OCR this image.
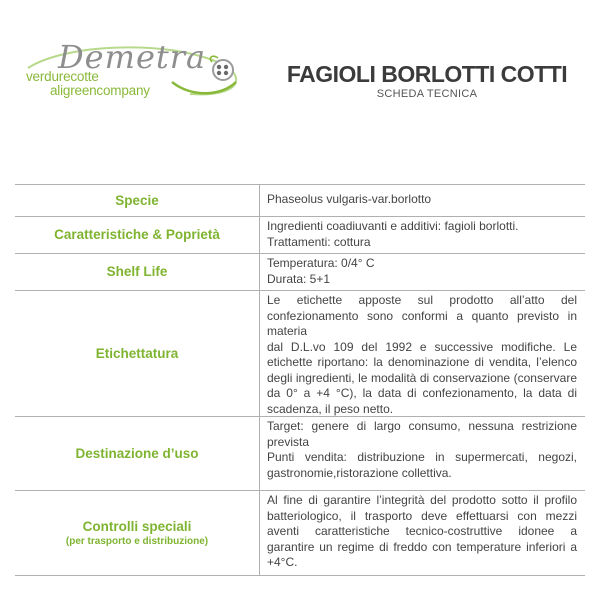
Demetra
verdurecotte
aligreencompany
FAGIOLI BORLOTTI COTTI
SCHEDA TECNICA
Specie	Phaseolus vulgaris-var.borlotto

Caratteristiche & Poprietà

Ingredienti coadiuvanti e additivi: fagioli borlotti.

Trattamenti: cottura

Shelf Life

Temperatura: 0/4° C

Durata: 5+1

Etichettatura

Le etichette apposte sul prodotto all’atto del confezionamento sono conformi a quanto previsto in materia

dal D.L.vo 109 del 1992 e successive modifiche. Le etichette riportano: la denominazione di vendita, l’elenco degli ingredienti, le modalità di conservazione (conservare da 0° a +4 °C), la data di confezionamento, la data di scadenza, il peso netto.

Destinazione d’uso

Target: genere di largo consumo, nessuna restrizione prevista

Punti vendita: distribuzione in supermercati, negozi, gastronomie,ristorazione collettiva.

Controlli speciali
(per trasporto e distribuzione)

Al fine di garantire l’integrità del prodotto sotto il profilo batteriologico, il trasporto deve effettuarsi con mezzi aventi caratteristiche tecnico-costruttive idonee a garantire un regime di freddo con temperature inferiori a +4°C.
